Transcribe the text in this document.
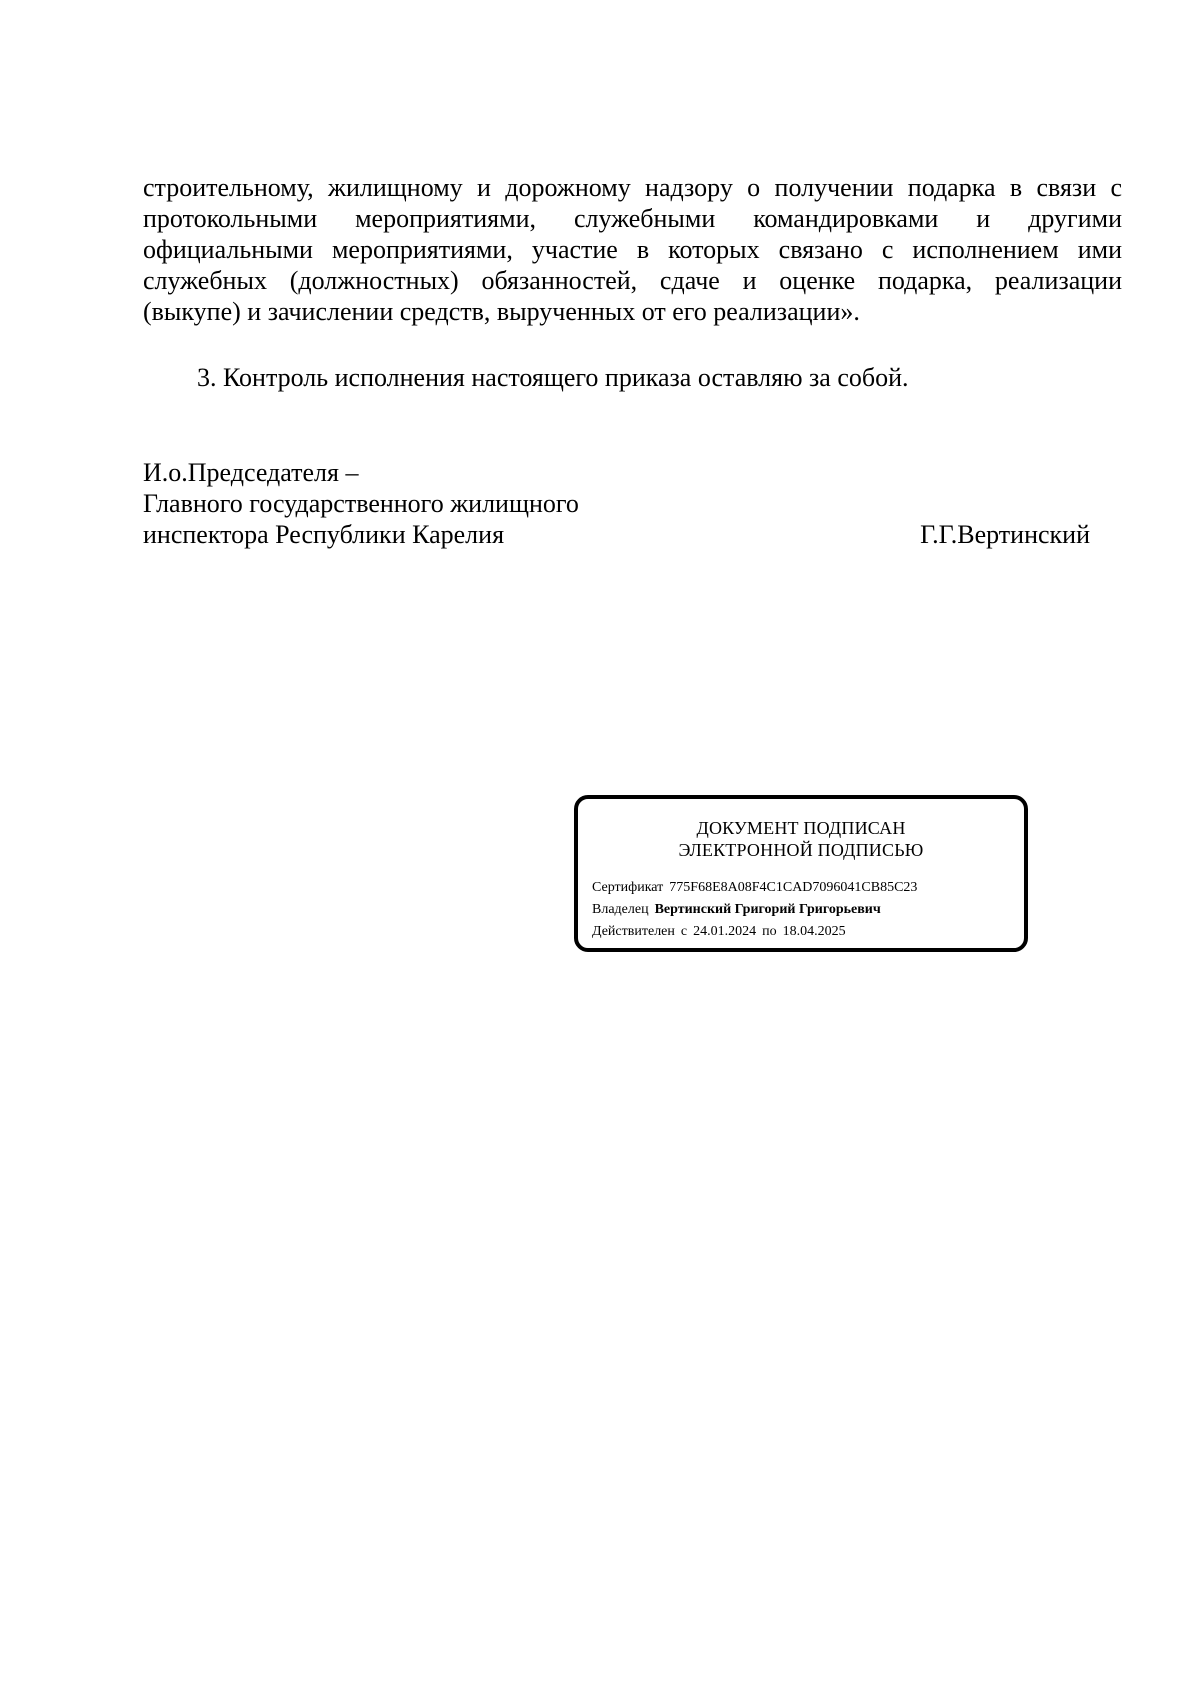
строительному, жилищному и дорожному надзору о получении подарка в связи с
протокольными мероприятиями, служебными командировками и другими
официальными мероприятиями, участие в которых связано с исполнением ими
служебных (должностных) обязанностей, сдаче и оценке подарка, реализации
(выкупе) и зачислении средств, вырученных от его реализации».
3. Контроль исполнения настоящего приказа оставляю за собой.
И.о.Председателя –
Главного государственного жилищного
инспектора Республики Карелия	Г.Г.Вертинский
ДОКУМЕНТ ПОДПИСАН
ЭЛЕКТРОННОЙ ПОДПИСЬЮ
Сертификат 775F68E8A08F4C1CAD7096041CB85C23
Владелец Вертинский Григорий Григорьевич
Действителен с 24.01.2024 по 18.04.2025
